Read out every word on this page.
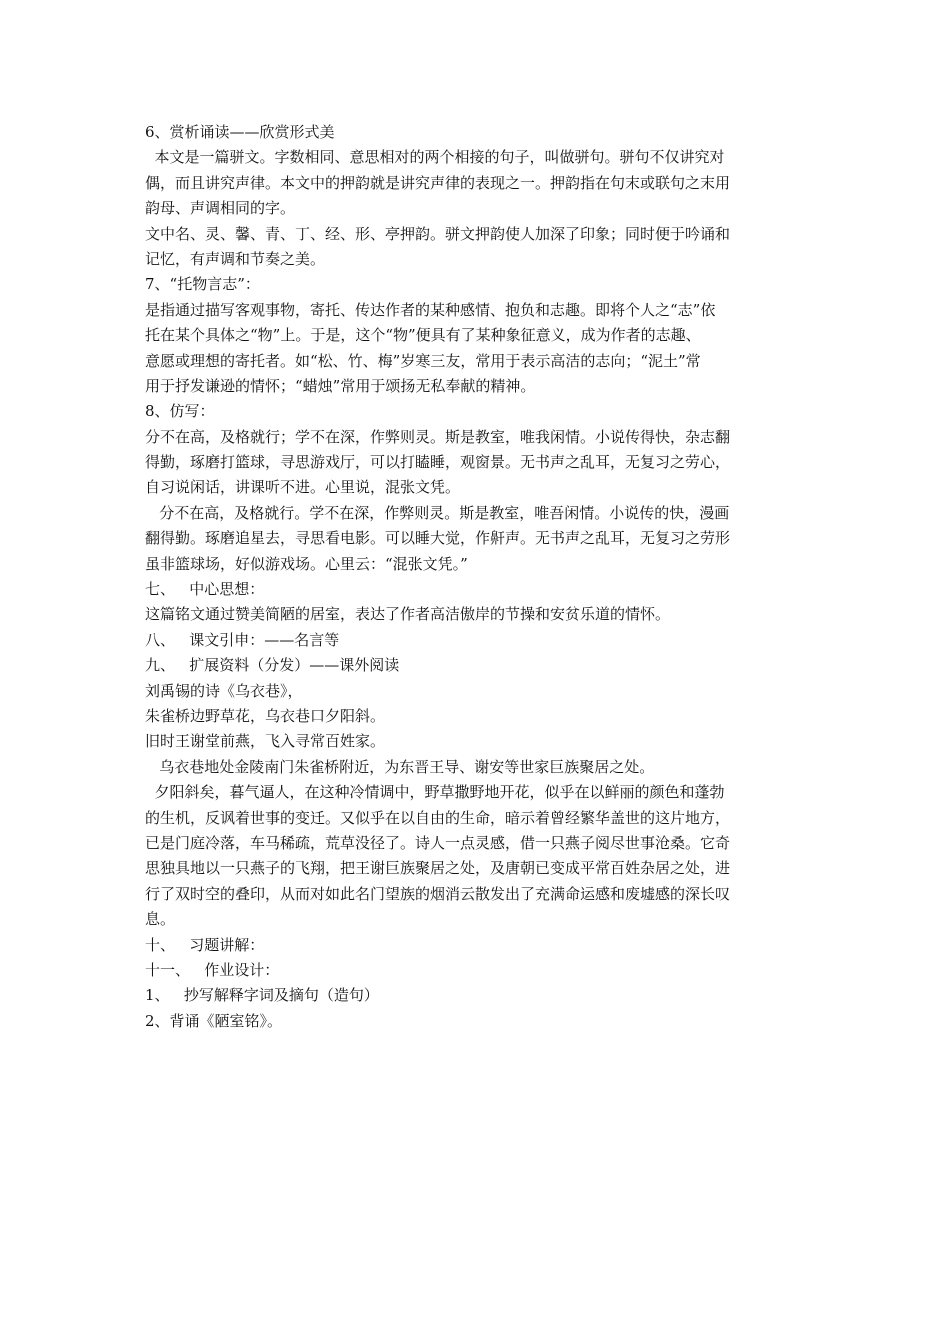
6、赏析诵读——欣赏形式美
本文是一篇骈文。字数相同、意思相对的两个相接的句子，叫做骈句。骈句不仅讲究对
偶，而且讲究声律。本文中的押韵就是讲究声律的表现之一。押韵指在句末或联句之末用
韵母、声调相同的字。
文中名、灵、馨、青、丁、经、形、亭押韵。骈文押韵使人加深了印象；同时便于吟诵和
记忆，有声调和节奏之美。
7、“托物言志”：
是指通过描写客观事物，寄托、传达作者的某种感情、抱负和志趣。即将个人之“志”依
托在某个具体之“物”上。于是，这个“物”便具有了某种象征意义，成为作者的志趣、
意愿或理想的寄托者。如“松、竹、梅”岁寒三友，常用于表示高洁的志向；“泥土”常
用于抒发谦逊的情怀；“蜡烛”常用于颂扬无私奉献的精神。
8、仿写：
分不在高，及格就行；学不在深，作弊则灵。斯是教室，唯我闲情。小说传得快，杂志翻
得勤，琢磨打篮球，寻思游戏厅，可以打瞌睡，观窗景。无书声之乱耳，无复习之劳心，
自习说闲话，讲课听不进。心里说，混张文凭。
分不在高，及格就行。学不在深，作弊则灵。斯是教室，唯吾闲情。小说传的快，漫画
翻得勤。琢磨追星去，寻思看电影。可以睡大觉，作鼾声。无书声之乱耳，无复习之劳形
虽非篮球场，好似游戏场。心里云：“混张文凭。”
七、   中心思想：
这篇铭文通过赞美简陋的居室，表达了作者高洁傲岸的节操和安贫乐道的情怀。
八、   课文引申：——名言等
九、   扩展资料（分发）——课外阅读
刘禹锡的诗《乌衣巷》，
朱雀桥边野草花，乌衣巷口夕阳斜。
旧时王谢堂前燕，飞入寻常百姓家。
乌衣巷地处金陵南门朱雀桥附近，为东晋王导、谢安等世家巨族聚居之处。
夕阳斜矣，暮气逼人，在这种冷情调中，野草撒野地开花，似乎在以鲜丽的颜色和蓬勃
的生机，反讽着世事的变迁。又似乎在以自由的生命，暗示着曾经繁华盖世的这片地方，
已是门庭冷落，车马稀疏，荒草没径了。诗人一点灵感，借一只燕子阅尽世事沧桑。它奇
思独具地以一只燕子的飞翔，把王谢巨族聚居之处，及唐朝已变成平常百姓杂居之处，进
行了双时空的叠印，从而对如此名门望族的烟消云散发出了充满命运感和废墟感的深长叹
息。
十、   习题讲解：
十一、   作业设计：
1、   抄写解释字词及摘句（造句）
2、背诵《陋室铭》。
